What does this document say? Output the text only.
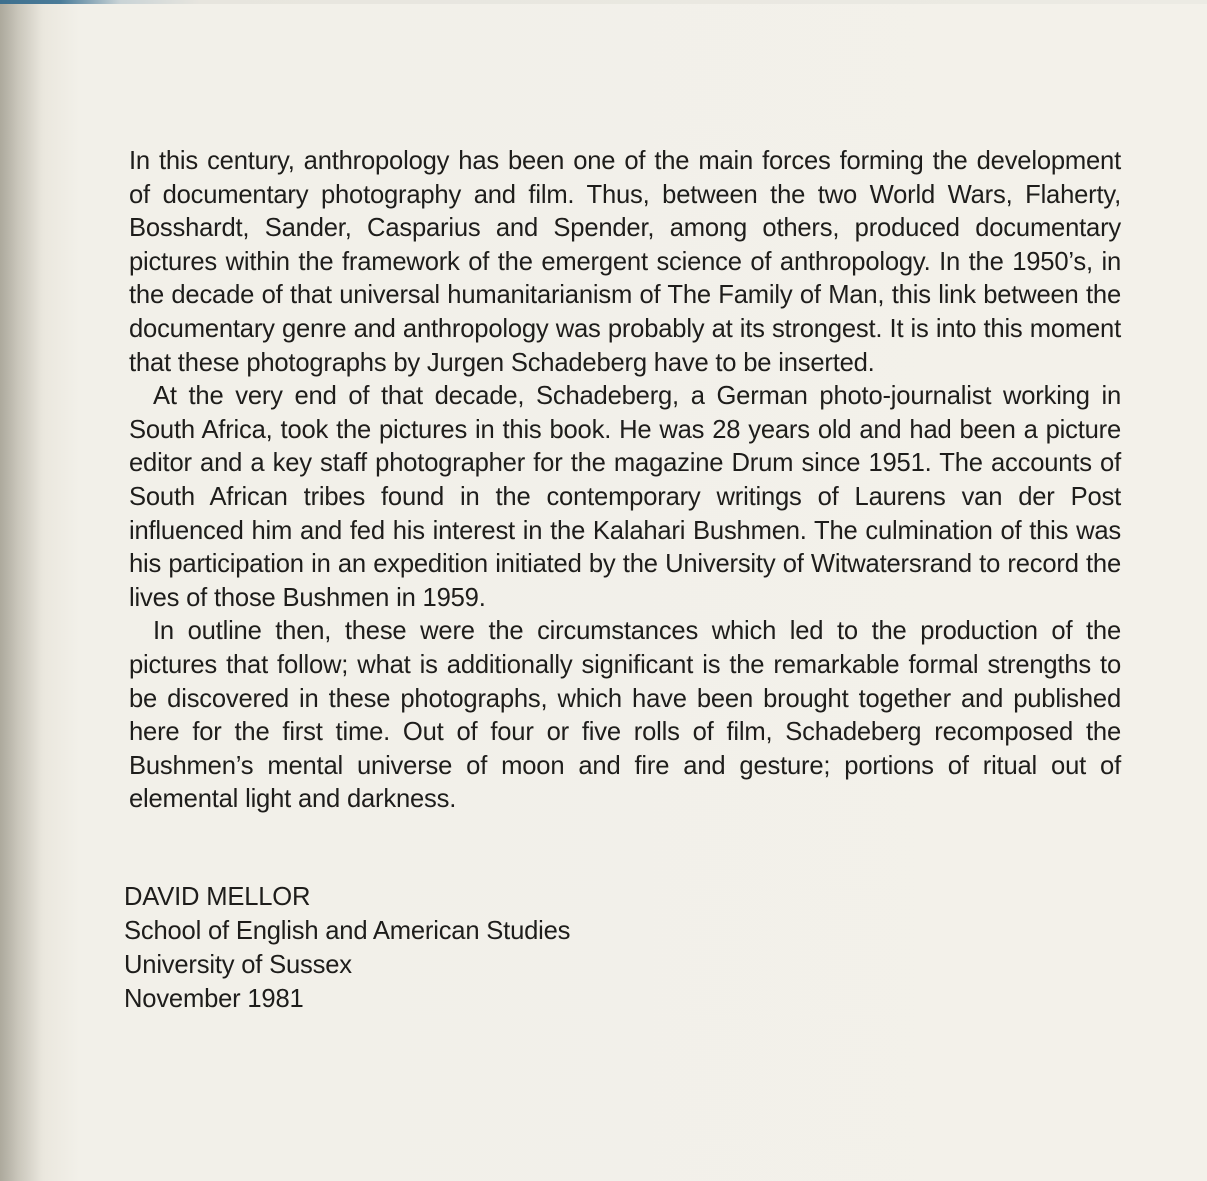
In this century, anthropology has been one of the main forces forming the development of documentary photography and film. Thus, between the two World Wars, Flaherty, Bosshardt, Sander, Casparius and Spender, among others, produced documentary pictures within the framework of the emergent science of anthropology. In the 1950’s, in the decade of that universal humanitarianism of The Family of Man, this link between the documentary genre and anthropology was probably at its strongest. It is into this moment that these photographs by Jurgen Schadeberg have to be inserted.

At the very end of that decade, Schadeberg, a German photo-journalist working in South Africa, took the pictures in this book. He was 28 years old and had been a picture editor and a key staff photographer for the magazine Drum since 1951. The accounts of South African tribes found in the contemporary writings of Laurens van der Post influenced him and fed his interest in the Kalahari Bushmen. The culmination of this was his participation in an expedition initiated by the University of Witwatersrand to record the lives of those Bushmen in 1959.

In outline then, these were the circumstances which led to the production of the pictures that follow; what is additionally significant is the remarkable formal strengths to be discovered in these photographs, which have been brought together and published here for the first time. Out of four or five rolls of film, Schadeberg recomposed the Bushmen’s mental universe of moon and fire and gesture; portions of ritual out of elemental light and darkness.

DAVID MELLOR
School of English and American Studies
University of Sussex
November 1981
